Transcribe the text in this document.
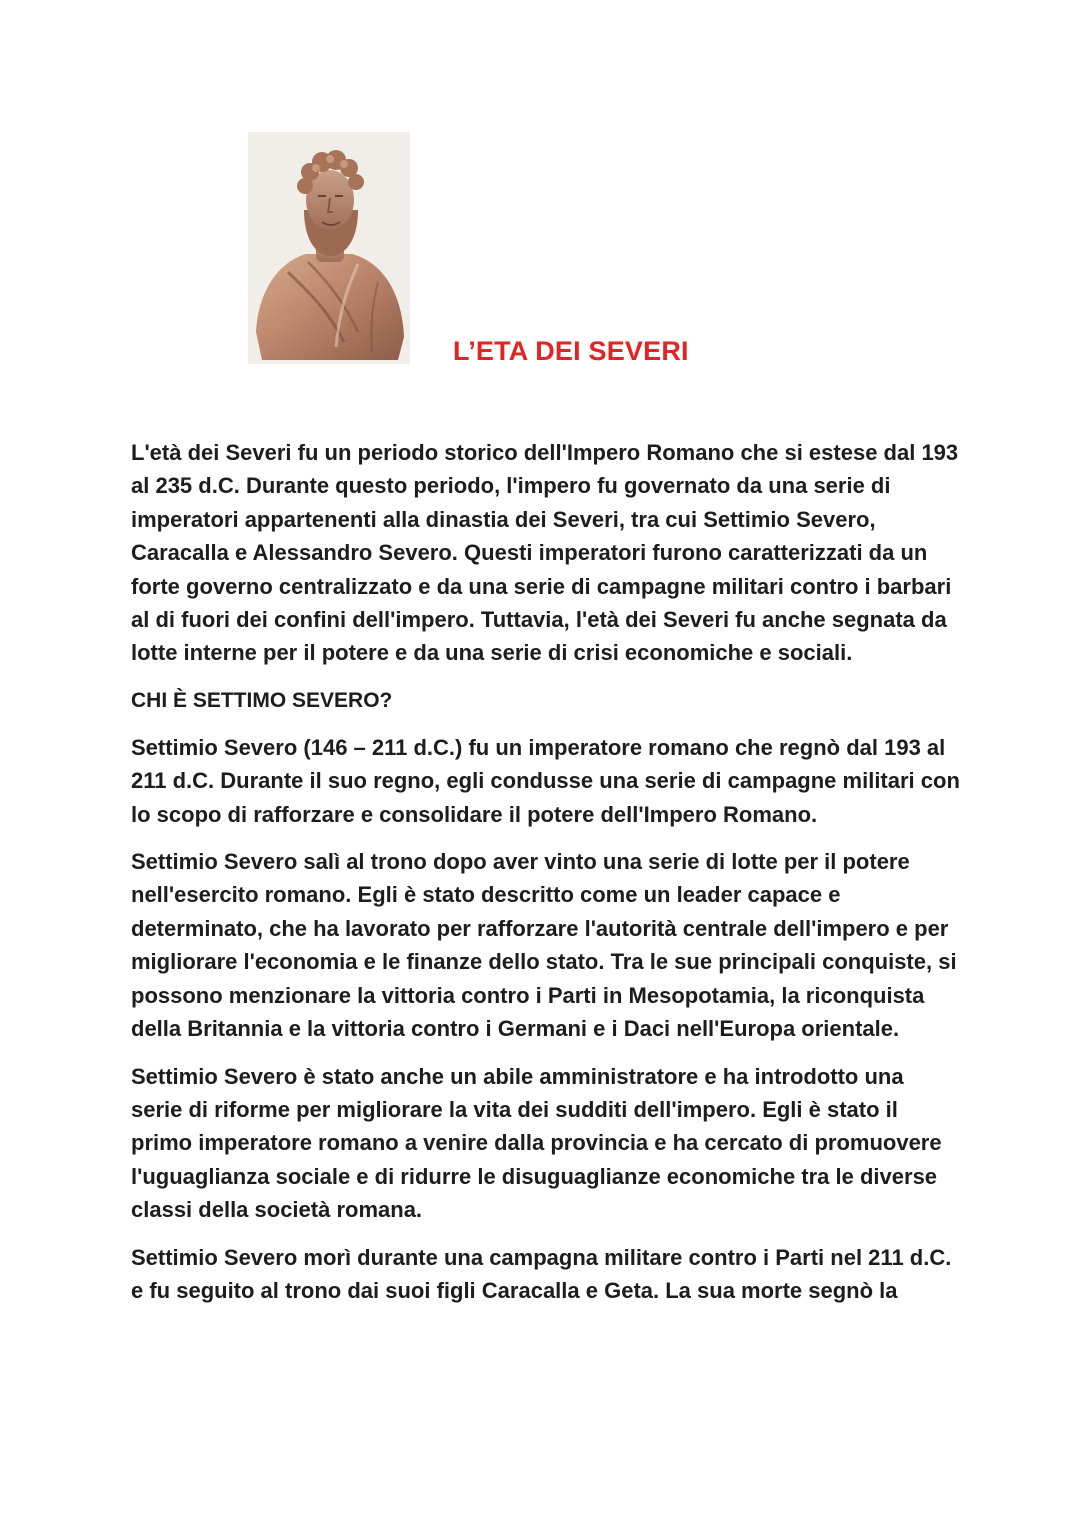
L’ETA DEI SEVERI

L'età dei Severi fu un periodo storico dell'Impero Romano che si estese dal 193 al 235 d.C. Durante questo periodo, l'impero fu governato da una serie di imperatori appartenenti alla dinastia dei Severi, tra cui Settimio Severo, Caracalla e Alessandro Severo. Questi imperatori furono caratterizzati da un forte governo centralizzato e da una serie di campagne militari contro i barbari al di fuori dei confini dell'impero. Tuttavia, l'età dei Severi fu anche segnata da lotte interne per il potere e da una serie di crisi economiche e sociali.

CHI È SETTIMO SEVERO?

Settimio Severo (146 – 211 d.C.) fu un imperatore romano che regnò dal 193 al 211 d.C. Durante il suo regno, egli condusse una serie di campagne militari con lo scopo di rafforzare e consolidare il potere dell'Impero Romano.

Settimio Severo salì al trono dopo aver vinto una serie di lotte per il potere nell'esercito romano. Egli è stato descritto come un leader capace e determinato, che ha lavorato per rafforzare l'autorità centrale dell'impero e per migliorare l'economia e le finanze dello stato. Tra le sue principali conquiste, si possono menzionare la vittoria contro i Parti in Mesopotamia, la riconquista della Britannia e la vittoria contro i Germani e i Daci nell'Europa orientale.

Settimio Severo è stato anche un abile amministratore e ha introdotto una serie di riforme per migliorare la vita dei sudditi dell'impero. Egli è stato il primo imperatore romano a venire dalla provincia e ha cercato di promuovere l'uguaglianza sociale e di ridurre le disuguaglianze economiche tra le diverse classi della società romana.

Settimio Severo morì durante una campagna militare contro i Parti nel 211 d.C. e fu seguito al trono dai suoi figli Caracalla e Geta. La sua morte segnò la
